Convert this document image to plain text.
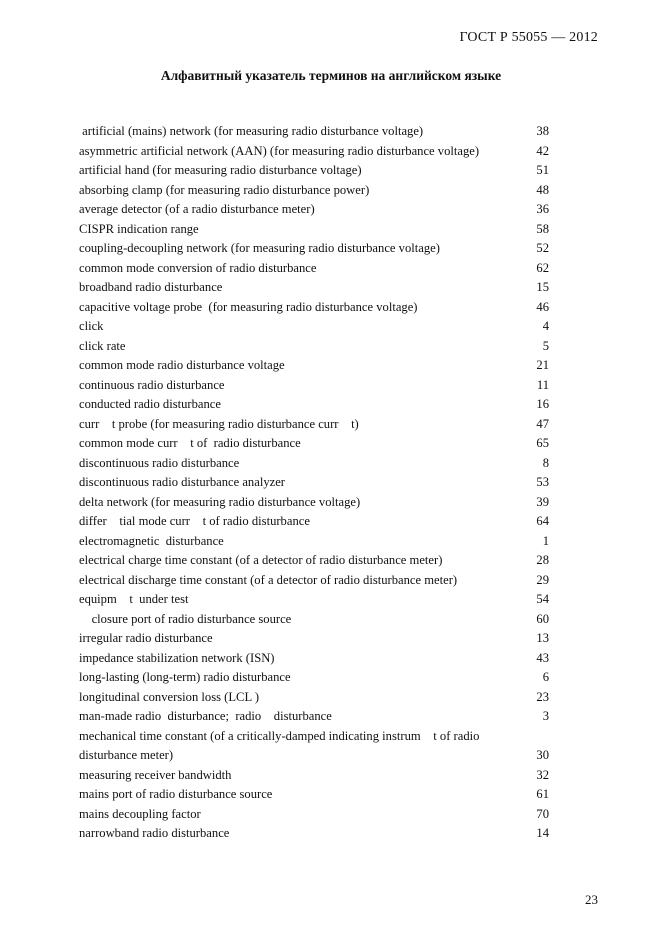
ГОСТ Р 55055 — 2012
Алфавитный указатель терминов на английском языке
artificial (mains) network (for measuring radio disturbance voltage)	38
asymmetric artificial network (AAN) (for measuring radio disturbance voltage)	42
artificial hand (for measuring radio disturbance voltage)	51
absorbing clamp (for measuring radio disturbance power)	48
average detector (of a radio disturbance meter)	36
CISPR indication range	58
coupling-decoupling network (for measuring radio disturbance voltage)	52
common mode conversion of radio disturbance	62
broadband radio disturbance	15
capacitive voltage probe  (for measuring radio disturbance voltage)	46
click	4
click rate	5
common mode radio disturbance voltage	21
continuous radio disturbance	11
conducted radio disturbance	16
curr    t probe (for measuring radio disturbance curr    t)	47
common mode curr    t of  radio disturbance	65
discontinuous radio disturbance	8
discontinuous radio disturbance analyzer	53
delta network (for measuring radio disturbance voltage)	39
differ    tial mode curr    t of radio disturbance	64
electromagnetic  disturbance	1
electrical charge time constant (of a detector of radio disturbance meter)	28
electrical discharge time constant (of a detector of radio disturbance meter)	29
equipm    t  under test	54
closure port of radio disturbance source	60
irregular radio disturbance	13
impedance stabilization network (ISN)	43
long-lasting (long-term) radio disturbance	6
longitudinal conversion loss (LCL )	23
man-made radio  disturbance;  radio    disturbance	3
mechanical time constant (of a critically-damped indicating instrum    t of radio disturbance meter)	30
measuring receiver bandwidth	32
mains port of radio disturbance source	61
mains decoupling factor	70
narrowband radio disturbance	14
23
